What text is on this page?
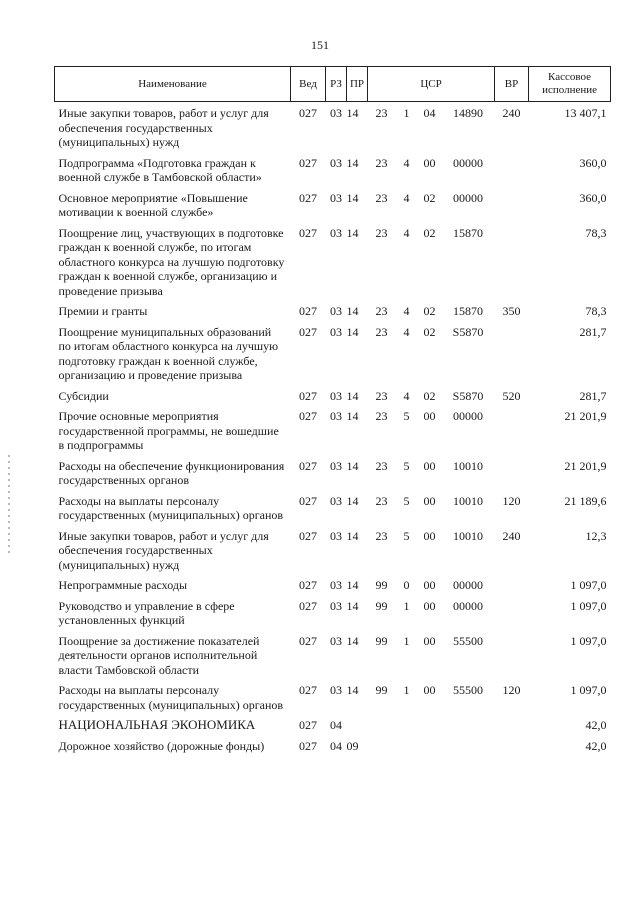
151
Наименование	Вед	РЗ	ПР	ЦСР				ВР	Кассовое исполнение
Иные закупки товаров, работ и услуг для обеспечения государственных (муниципальных) нужд	027	03	14	23	1	04	14890	240	13 407,1
Подпрограмма «Подготовка граждан к военной службе в Тамбовской области»	027	03	14	23	4	00	00000		360,0
Основное мероприятие «Повышение мотивации к военной службе»	027	03	14	23	4	02	00000		360,0
Поощрение лиц, участвующих в подготовке граждан к военной службе, по итогам областного конкурса на лучшую подготовку граждан к военной службе, организацию и проведение призыва	027	03	14	23	4	02	15870		78,3
Премии и гранты	027	03	14	23	4	02	15870	350	78,3
Поощрение муниципальных образований по итогам областного конкурса на лучшую подготовку граждан к военной службе, организацию и проведение призыва	027	03	14	23	4	02	S5870		281,7
Субсидии	027	03	14	23	4	02	S5870	520	281,7
Прочие основные мероприятия государственной программы, не вошедшие в подпрограммы	027	03	14	23	5	00	00000		21 201,9
Расходы на обеспечение функционирования государственных органов	027	03	14	23	5	00	10010		21 201,9
Расходы на выплаты персоналу государственных (муниципальных) органов	027	03	14	23	5	00	10010	120	21 189,6
Иные закупки товаров, работ и услуг для обеспечения государственных (муниципальных) нужд	027	03	14	23	5	00	10010	240	12,3
Непрограммные расходы	027	03	14	99	0	00	00000		1 097,0
Руководство и управление в сфере установленных функций	027	03	14	99	1	00	00000		1 097,0
Поощрение за достижение показателей деятельности органов исполнительной власти Тамбовской области	027	03	14	99	1	00	55500		1 097,0
Расходы на выплаты персоналу государственных (муниципальных) органов	027	03	14	99	1	00	55500	120	1 097,0
НАЦИОНАЛЬНАЯ ЭКОНОМИКА	027	04							42,0
Дорожное хозяйство (дорожные фонды)	027	04	09						42,0
